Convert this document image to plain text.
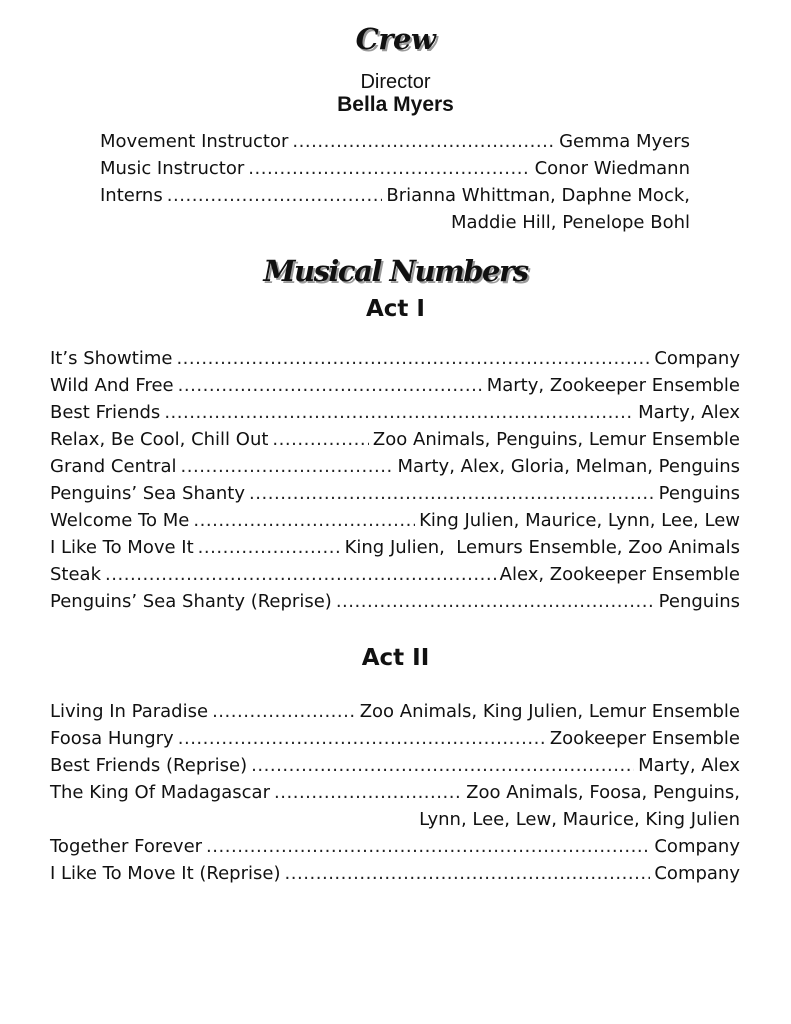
Crew
Director
Bella Myers
Movement Instructor . . .	Gemma Myers
Music Instructor . . .	Conor Wiedmann
Interns . . .	Brianna Whittman, Daphne Mock,
Maddie Hill, Penelope Bohl
Musical Numbers
Act I
It’s Showtime . . .	Company
Wild And Free . . .	Marty, Zookeeper Ensemble
Best Friends . . .	Marty, Alex
Relax, Be Cool, Chill Out . . .	Zoo Animals, Penguins, Lemur Ensemble
Grand Central . . .	Marty, Alex, Gloria, Melman, Penguins
Penguins’ Sea Shanty . . .	Penguins
Welcome To Me . . .	King Julien, Maurice, Lynn, Lee, Lew
I Like To Move It . . .	King Julien,  Lemurs Ensemble, Zoo Animals
Steak . . .	Alex, Zookeeper Ensemble
Penguins’ Sea Shanty (Reprise) . . .	Penguins
Act II
Living In Paradise . . .	Zoo Animals, King Julien, Lemur Ensemble
Foosa Hungry . . .	Zookeeper Ensemble
Best Friends (Reprise) . . .	Marty, Alex
The King Of Madagascar . . .	Zoo Animals, Foosa, Penguins,
Lynn, Lee, Lew, Maurice, King Julien
Together Forever . . .	Company
I Like To Move It (Reprise) . . .	Company
